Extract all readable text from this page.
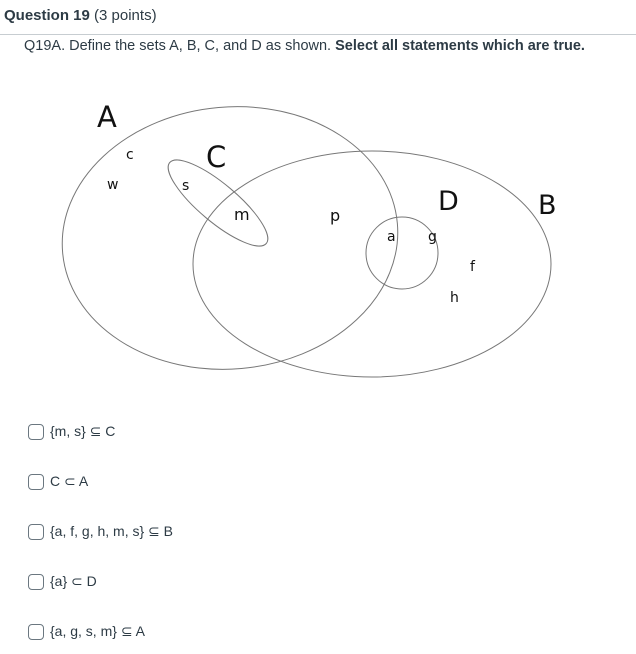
Question 19 (3 points)
Q19A. Define the sets A, B, C, and D as shown. Select all statements which are true.
A
C
D	B
c
w	s
m	p
a g
f
h
{m, s} ⊆ C
C ⊂ A
{a, f, g, h, m, s} ⊆ B
{a} ⊂ D
{a, g, s, m} ⊆ A
